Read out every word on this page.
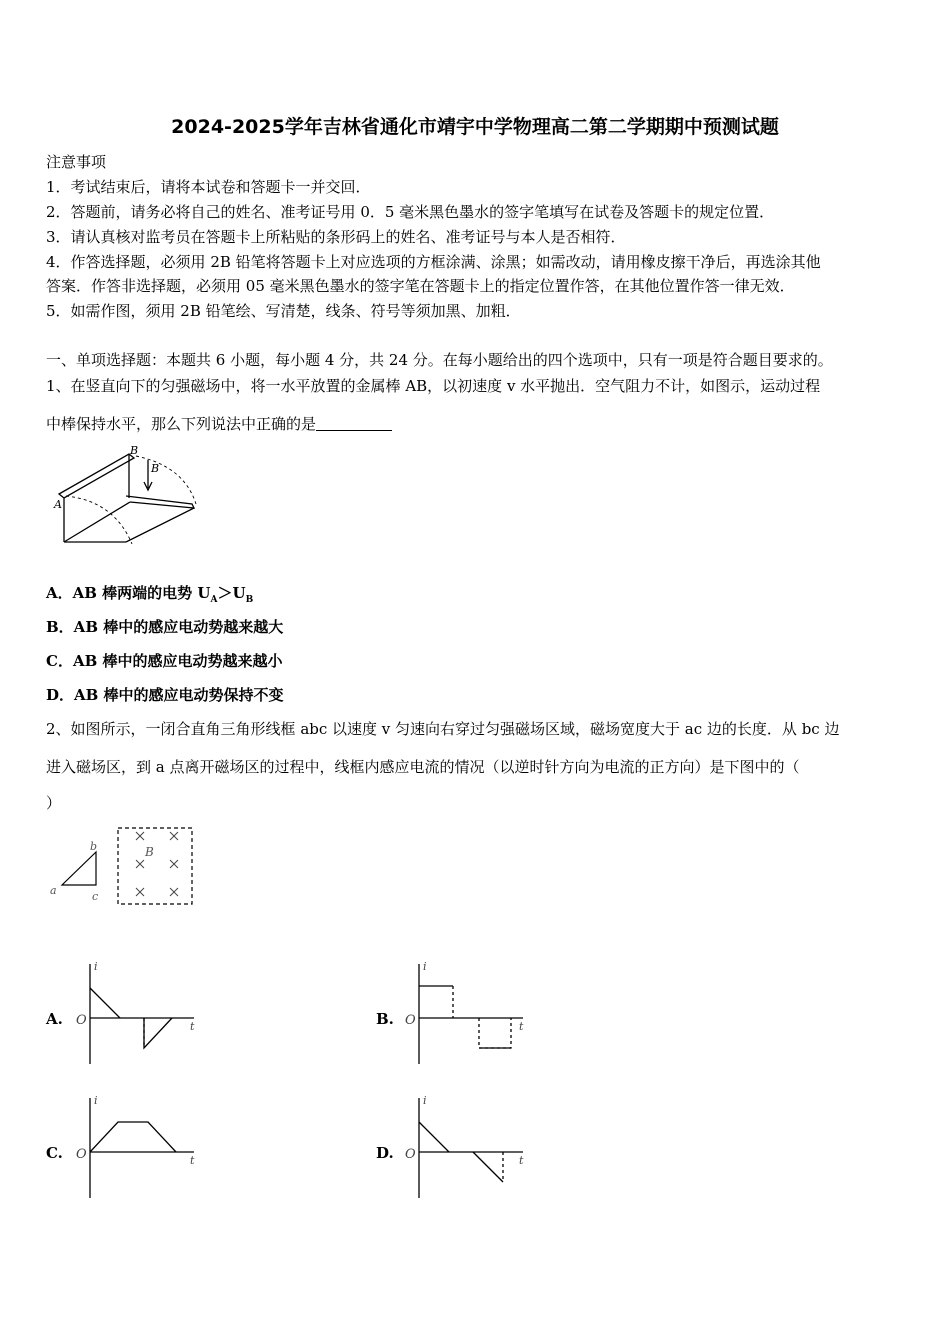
2024-2025学年吉林省通化市靖宇中学物理高二第二学期期中预测试题
注意事项
1．考试结束后，请将本试卷和答题卡一并交回．
2．答题前，请务必将自己的姓名、准考证号用 0．5 毫米黑色墨水的签字笔填写在试卷及答题卡的规定位置．
3．请认真核对监考员在答题卡上所粘贴的条形码上的姓名、准考证号与本人是否相符．
4．作答选择题，必须用 2B 铅笔将答题卡上对应选项的方框涂满、涂黑；如需改动，请用橡皮擦干净后，再选涂其他
答案．作答非选择题，必须用 05 毫米黑色墨水的签字笔在答题卡上的指定位置作答，在其他位置作答一律无效．
5．如需作图，须用 2B 铅笔绘、写清楚，线条、符号等须加黑、加粗．
一、单项选择题：本题共 6 小题，每小题 4 分，共 24 分。在每小题给出的四个选项中，只有一项是符合题目要求的。
1、在竖直向下的匀强磁场中，将一水平放置的金属棒 AB，以初速度 v 水平抛出．空气阻力不计，如图示，运动过程
中棒保持水平，那么下列说法中正确的是
A
B
B
A．AB 棒两端的电势 $U_A>U_B$
B．AB 棒中的感应电动势越来越大
C．AB 棒中的感应电动势越来越小
D．AB 棒中的感应电动势保持不变
2、如图所示，一闭合直角三角形线框 abc 以速度 v 匀速向右穿过匀强磁场区域，磁场宽度大于 ac 边的长度．从 bc 边
进入磁场区，到 a 点离开磁场区的过程中，线框内感应电流的情况（以逆时针方向为电流的正方向）是下图中的（
）
a
b
c
B
A. O
i
t	B. O
i
t
C. O
i
t	D. O
i
t
